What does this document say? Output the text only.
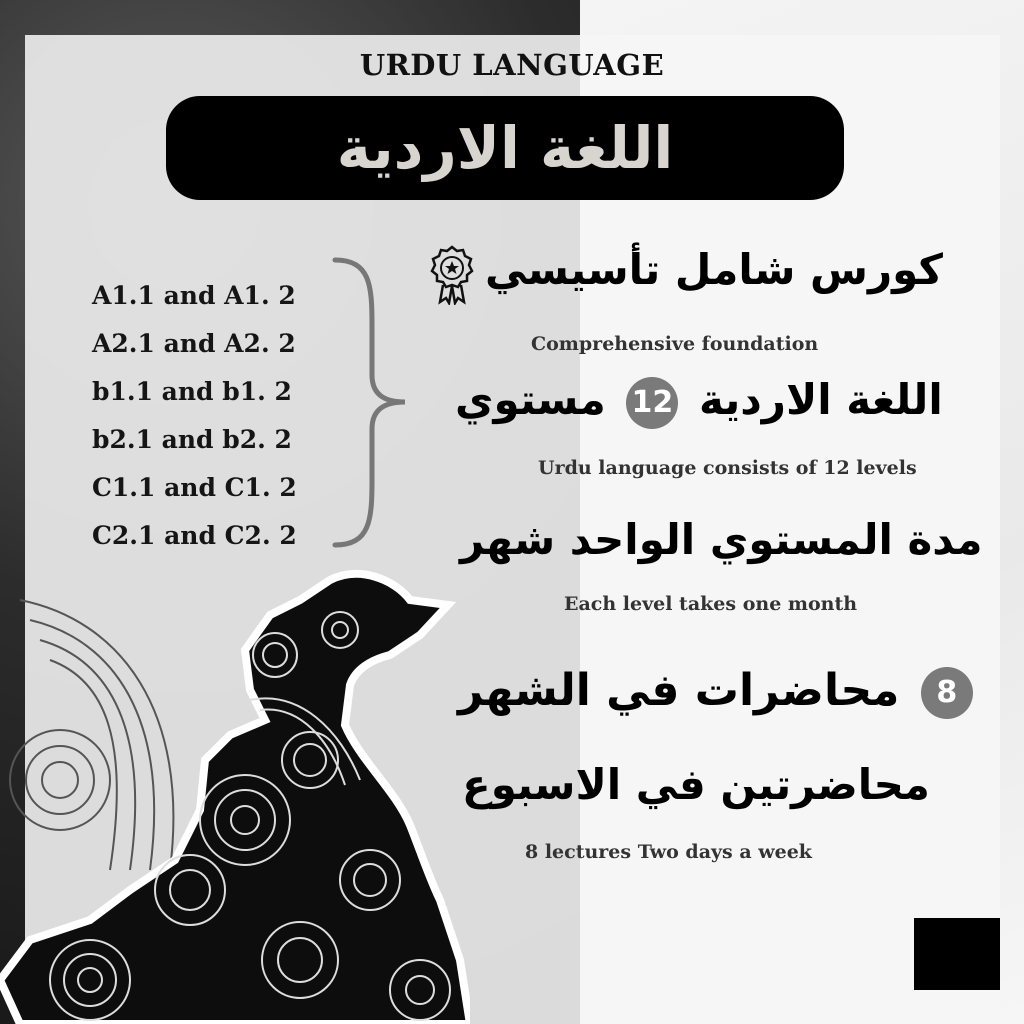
URDU LANGUAGE
اللغة الاردية
A1.1 and A1. 2
A2.1 and A2. 2
b1.1 and b1. 2
b2.1 and b2. 2
C1.1 and C1. 2
C2.1 and C2. 2
كورس شامل تأسيسي
Comprehensive foundation
اللغة الاردية 12 مستوي
Urdu language consists of 12 levels
مدة المستوي الواحد شهر
Each level takes one month
8 محاضرات في الشهر
محاضرتين في الاسبوع
8 lectures Two days a week
